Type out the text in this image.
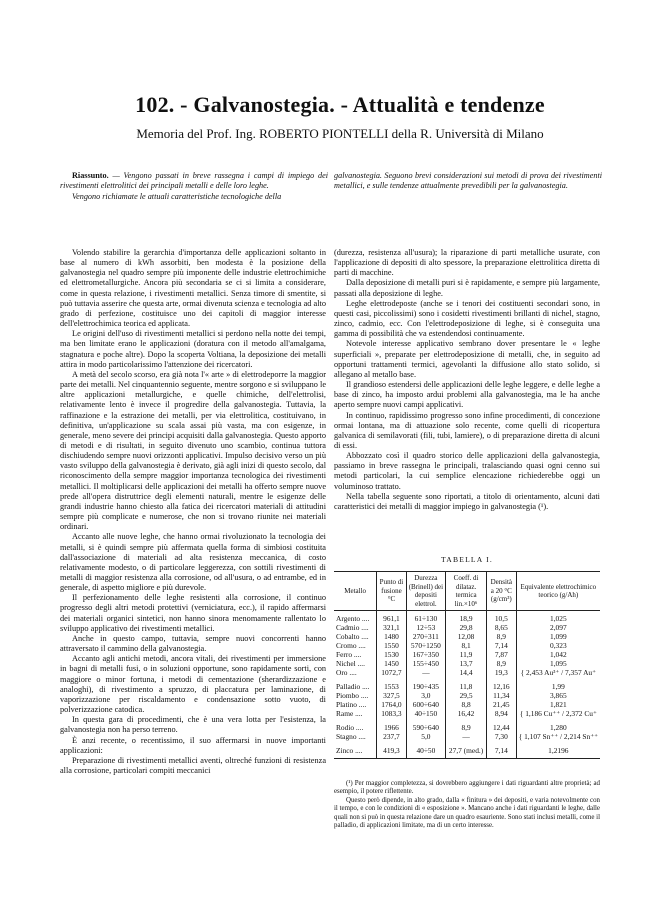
102. - Galvanostegia. - Attualità e tendenze
Memoria del Prof. Ing. ROBERTO PIONTELLI della R. Università di Milano

Riassunto. — Vengono passati in breve rassegna i campi di impiego dei rivestimenti elettrolitici dei principali metalli e delle loro leghe.

Vengono richiamate le attuali caratteristiche tecnologiche della

galvanostegia. Seguono brevi considerazioni sui metodi di prova dei rivestimenti metallici, e sulle tendenze attualmente prevedibili per la galvanostegia.

Volendo stabilire la gerarchia d'importanza delle applicazioni soltanto in base al numero di kWh assorbiti, ben modesta è la posizione della galvanostegia nel quadro sempre più imponente delle industrie elettrochimiche ed elettrometallurgiche. Ancora più secondaria se ci si limita a considerare, come in questa relazione, i rivestimenti metallici. Senza timore di smentite, si può tuttavia asserire che questa arte, ormai divenuta scienza e tecnologia ad alto grado di perfezione, costituisce uno dei capitoli di maggior interesse dell'elettrochimica teorica ed applicata.

Le origini dell'uso di rivestimenti metallici si perdono nella notte dei tempi, ma ben limitate erano le applicazioni (doratura con il metodo all'amalgama, stagnatura e poche altre). Dopo la scoperta Voltiana, la deposizione dei metalli attira in modo particolarissimo l'attenzione dei ricercatori.

A metà del secolo scorso, era già nota l'« arte » di elettrodeporre la maggior parte dei metalli. Nel cinquantennio seguente, mentre sorgono e si sviluppano le altre applicazioni metallurgiche, e quelle chimiche, dell'elettrolisi, relativamente lento è invece il progredire della galvanostegia. Tuttavia, la raffinazione e la estrazione dei metalli, per via elettrolitica, costituivano, in definitiva, un'applicazione su scala assai più vasta, ma con esigenze, in generale, meno severe dei principi acquisiti dalla galvanostegia. Questo apporto di metodi e di risultati, in seguito divenuto uno scambio, continua tuttora dischiudendo sempre nuovi orizzonti applicativi. Impulso decisivo verso un più vasto sviluppo della galvanostegia è derivato, già agli inizi di questo secolo, dal riconoscimento della sempre maggior importanza tecnologica dei rivestimenti metallici. Il moltiplicarsi delle applicazioni dei metalli ha offerto sempre nuove prede all'opera distruttrice degli elementi naturali, mentre le esigenze delle grandi industrie hanno chiesto alla fatica dei ricercatori materiali di attitudini sempre più complicate e numerose, che non si trovano riunite nei materiali ordinari.

Accanto alle nuove leghe, che hanno ormai rivoluzionato la tecnologia dei metalli, si è quindi sempre più affermata quella forma di simbiosi costituita dall'associazione di materiali ad alta resistenza meccanica, di costo relativamente modesto, o di particolare leggerezza, con sottili rivestimenti di metalli di maggior resistenza alla corrosione, od all'usura, o ad entrambe, ed in generale, di aspetto migliore e più durevole.

Il perfezionamento delle leghe resistenti alla corrosione, il continuo progresso degli altri metodi protettivi (verniciatura, ecc.), il rapido affermarsi dei materiali organici sintetici, non hanno sinora menomamente rallentato lo sviluppo applicativo dei rivestimenti metallici.

Anche in questo campo, tuttavia, sempre nuovi concorrenti hanno attraversato il cammino della galvanostegia.

Accanto agli antichi metodi, ancora vitali, dei rivestimenti per immersione in bagni di metalli fusi, o in soluzioni opportune, sono rapidamente sorti, con maggiore o minor fortuna, i metodi di cementazione (sherardizzazione e analoghi), di rivestimento a spruzzo, di placcatura per laminazione, di vaporizzazione per riscaldamento e condensazione sotto vuoto, di polverizzazione catodica.

In questa gara di procedimenti, che è una vera lotta per l'esistenza, la galvanostegia non ha perso terreno.

È anzi recente, o recentissimo, il suo affermarsi in nuove importanti applicazioni:

Preparazione di rivestimenti metallici aventi, oltreché funzioni di resistenza alla corrosione, particolari compiti meccanici

(durezza, resistenza all'usura); la riparazione di parti metalliche usurate, con l'applicazione di depositi di alto spessore, la preparazione elettrolitica diretta di parti di macchine.

Dalla deposizione di metalli puri si è rapidamente, e sempre più largamente, passati alla deposizione di leghe.

Leghe elettrodeposte (anche se i tenori dei costituenti secondari sono, in questi casi, piccolissimi) sono i cosidetti rivestimenti brillanti di nichel, stagno, zinco, cadmio, ecc. Con l'elettrodeposizione di leghe, si è conseguita una gamma di possibilità che va estendendosi continuamente.

Notevole interesse applicativo sembrano dover presentare le « leghe superficiali », preparate per elettrodeposizione di metalli, che, in seguito ad opportuni trattamenti termici, agevolanti la diffusione allo stato solido, si allegano al metallo base.

Il grandioso estendersi delle applicazioni delle leghe leggere, e delle leghe a base di zinco, ha imposto ardui problemi alla galvanostegia, ma le ha anche aperto sempre nuovi campi applicativi.

In continuo, rapidissimo progresso sono infine procedimenti, di concezione ormai lontana, ma di attuazione solo recente, come quelli di ricopertura galvanica di semilavorati (fili, tubi, lamiere), o di preparazione diretta di alcuni di essi.

Abbozzato così il quadro storico delle applicazioni della galvanostegia, passiamo in breve rassegna le principali, tralasciando quasi ogni cenno sui metodi particolari, la cui semplice elencazione richiederebbe oggi un voluminoso trattato.

Nella tabella seguente sono riportati, a titolo di orientamento, alcuni dati caratteristici dei metalli di maggior impiego in galvanostegia (¹).

TABELLA I.
Metallo	Punto di fusione °C	Durezza (Brinell) dei depositi elettrol.	Coeff. di dilataz. termica lin.×10⁶	Densità a 20 °C (g/cm³)	Equivalente elettrochimico teorico (g/Ah)
Argento ....	961,1	61÷130	18,9	10,5	1,025
Cadmio ....	321,1	12÷53	29,8	8,65	2,097
Cobalto ....	1480	270÷311	12,08	8,9	1,099
Cromo ....	1550	570÷1250	8,1	7,14	0,323
Ferro ....	1530	167÷350	11,9	7,87	1,042
Nichel ....	1450	155÷450	13,7	8,9	1,095
Oro ....	1072,7	—	14,4	19,3	{ 2,453 Au³⁺ / 7,357 Au⁺
Palladio ....	1553	190÷435	11,8	12,16	1,99
Piombo ....	327,5	3,0	29,5	11,34	3,865
Platino ....	1764,0	600÷640	8,8	21,45	1,821
Rame ....	1083,3	40÷150	16,42	8,94	{ 1,186 Cu⁺⁺ / 2,372 Cu⁺
Rodio ....	1966	590÷640	8,9	12,44	1,280
Stagno ....	237,7	5,0	—	7,30	{ 1,107 Sn⁺⁺ / 2,214 Sn⁺⁺
Zinco ....	419,3	40÷50	27,7 (med.)	7,14	1,2196

(¹) Per maggior completezza, si dovrebbero aggiungere i dati riguardanti altre proprietà; ad esempio, il potere riflettente.

Questo però dipende, in alto grado, dalla « finitura » dei depositi, e varia notevolmente con il tempo, e con le condizioni di « esposizione ». Mancano anche i dati riguardanti le leghe, dalle quali non si può in questa relazione dare un quadro esauriente. Sono stati inclusi metalli, come il palladio, di applicazioni limitate, ma di un certo interesse.
